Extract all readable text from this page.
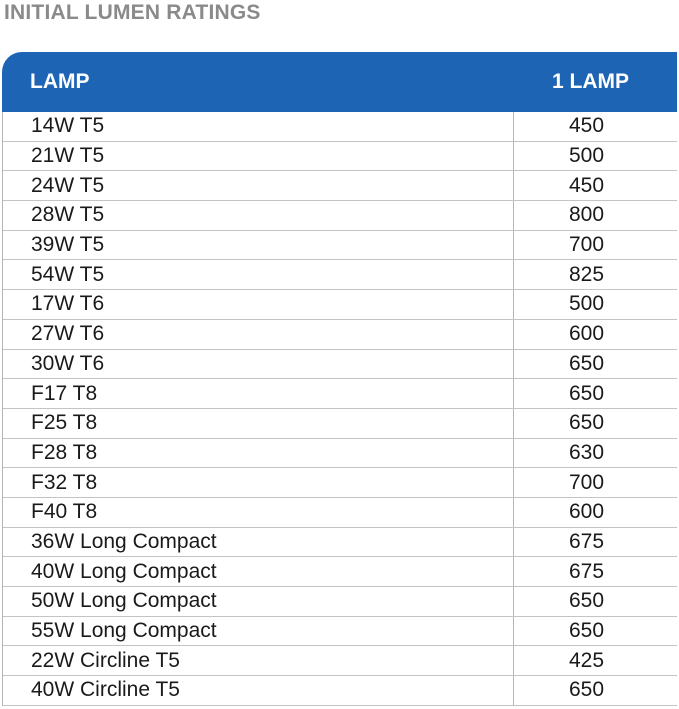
INITIAL LUMEN RATINGS
LAMP	1 LAMP
14W T5	450
21W T5	500
24W T5	450
28W T5	800
39W T5	700
54W T5	825
17W T6	500
27W T6	600
30W T6	650
F17 T8	650
F25 T8	650
F28 T8	630
F32 T8	700
F40 T8	600
36W Long Compact	675
40W Long Compact	675
50W Long Compact	650
55W Long Compact	650
22W Circline T5	425
40W Circline T5	650
